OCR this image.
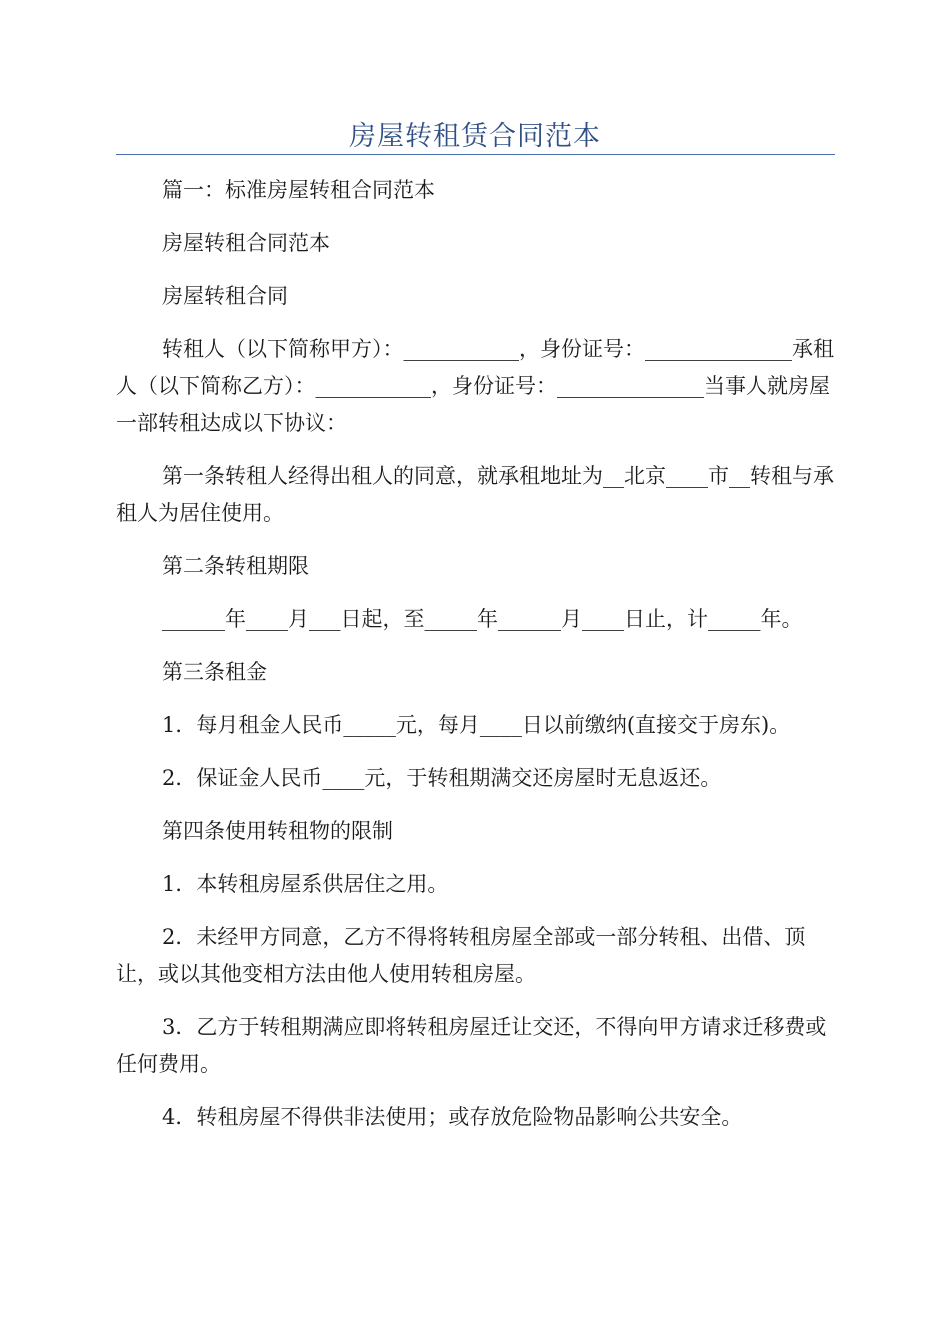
房屋转租赁合同范本

篇一：标准房屋转租合同范本

房屋转租合同范本

房屋转租合同

转租人（以下简称甲方）：___________，身份证号：______________承租人（以下简称乙方）：___________，身份证号：______________当事人就房屋一部转租达成以下协议：

第一条转租人经得出租人的同意，就承租地址为__北京____市__转租与承租人为居住使用。

第二条转租期限

______年____月___日起，至_____年______月____日止，计_____年。

第三条租金

1．每月租金人民币_____元，每月____日以前缴纳(直接交于房东)。

2．保证金人民币____元，于转租期满交还房屋时无息返还。

第四条使用转租物的限制

1．本转租房屋系供居住之用。

2．未经甲方同意，乙方不得将转租房屋全部或一部分转租、出借、顶让，或以其他变相方法由他人使用转租房屋。

3．乙方于转租期满应即将转租房屋迁让交还，不得向甲方请求迁移费或任何费用。

4．转租房屋不得供非法使用；或存放危险物品影响公共安全。
